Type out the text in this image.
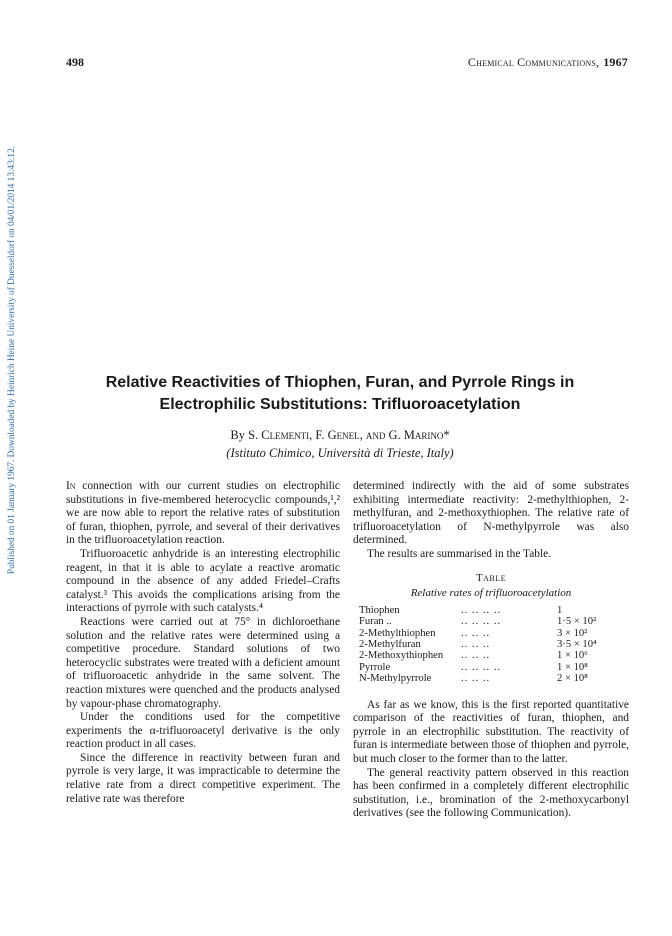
Published on 01 January 1967. Downloaded by Heinrich Heine University of Duesseldorf on 04/01/2014 13:43:12.
498	Chemical Communications, 1967
Relative Reactivities of Thiophen, Furan, and Pyrrole Rings in
Electrophilic Substitutions: Trifluoroacetylation
By S. Clementi, F. Genel, and G. Marino*
(Istituto Chimico, Università di Trieste, Italy)

In connection with our current studies on electrophilic substitutions in five-membered heterocyclic compounds,¹,² we are now able to report the relative rates of substitution of furan, thiophen, pyrrole, and several of their derivatives in the trifluoroacetylation reaction.

Trifluoroacetic anhydride is an interesting electrophilic reagent, in that it is able to acylate a reactive aromatic compound in the absence of any added Friedel–Crafts catalyst.³ This avoids the complications arising from the interactions of pyrrole with such catalysts.⁴

Reactions were carried out at 75° in dichloroethane solution and the relative rates were determined using a competitive procedure. Standard solutions of two heterocyclic substrates were treated with a deficient amount of trifluoroacetic anhydride in the same solvent. The reaction mixtures were quenched and the products analysed by vapour-phase chromatography.

Under the conditions used for the competitive experiments the α-trifluoroacetyl derivative is the only reaction product in all cases.

Since the difference in reactivity between furan and pyrrole is very large, it was impracticable to determine the relative rate from a direct competitive experiment. The relative rate was therefore

determined indirectly with the aid of some substrates exhibiting intermediate reactivity: 2-methylthiophen, 2-methylfuran, and 2-methoxythiophen. The relative rate of trifluoroacetylation of N-methylpyrrole was also determined.

The results are summarised in the Table.

Table
Relative rates of trifluoroacetylation
Thiophen	.. .. .. ..	1
Furan ..	.. .. .. ..	1·5 × 10²
2-Methylthiophen	.. .. ..	3 × 10²
2-Methylfuran	.. .. ..	3·5 × 10⁴
2-Methoxythiophen	.. .. ..	1 × 10⁶
Pyrrole	.. .. .. ..	1 × 10⁸
N-Methylpyrrole	.. .. ..	2 × 10⁸

As far as we know, this is the first reported quantitative comparison of the reactivities of furan, thiophen, and pyrrole in an electrophilic substitution. The reactivity of furan is intermediate between those of thiophen and pyrrole, but much closer to the former than to the latter.

The general reactivity pattern observed in this reaction has been confirmed in a completely different electrophilic substitution, i.e., bromination of the 2-methoxycarbonyl derivatives (see the following Communication).
